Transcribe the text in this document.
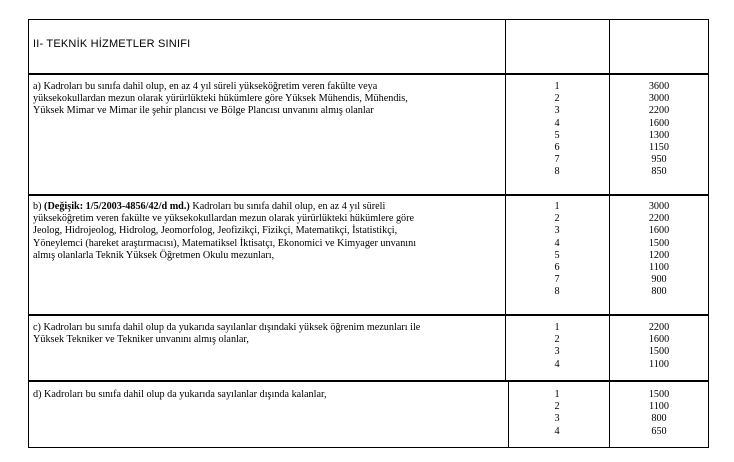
II- TEKNİK HİZMETLER SINIFI
a) Kadroları bu sınıfa dahil olup, en az 4 yıl süreli yükseköğretim veren fakülte veya
yüksekokullardan mezun olarak yürürlükteki hükümlere göre Yüksek Mühendis, Mühendis,
Yüksek Mimar ve Mimar ile şehir plancısı ve Bölge Plancısı unvanını almış olanlar
1
2
3
4
5
6
7
8
3600
3000
2200
1600
1300
1150
950
850
b) (Değişik: 1/5/2003-4856/42/d md.) Kadroları bu sınıfa dahil olup, en az 4 yıl süreli
yükseköğretim veren fakülte ve yüksekokullardan mezun olarak yürürlükteki hükümlere göre
Jeolog, Hidrojeolog, Hidrolog, Jeomorfolog, Jeofizikçi, Fizikçi, Matematikçi, İstatistikçi,
Yöneylemci (hareket araştırmacısı), Matematiksel İktisatçı, Ekonomici ve Kimyager unvanını
almış olanlarla Teknik Yüksek Öğretmen Okulu mezunları,
1
2
3
4
5
6
7
8
3000
2200
1600
1500
1200
1100
900
800
c) Kadroları bu sınıfa dahil olup da yukarıda sayılanlar dışındaki yüksek öğrenim mezunları ile
Yüksek Tekniker ve Tekniker unvanını almış olanlar,
1
2
3
4
2200
1600
1500
1100
d) Kadroları bu sınıfa dahil olup da yukarıda sayılanlar dışında kalanlar,	1
2
3
4
1500
1100
800
650
